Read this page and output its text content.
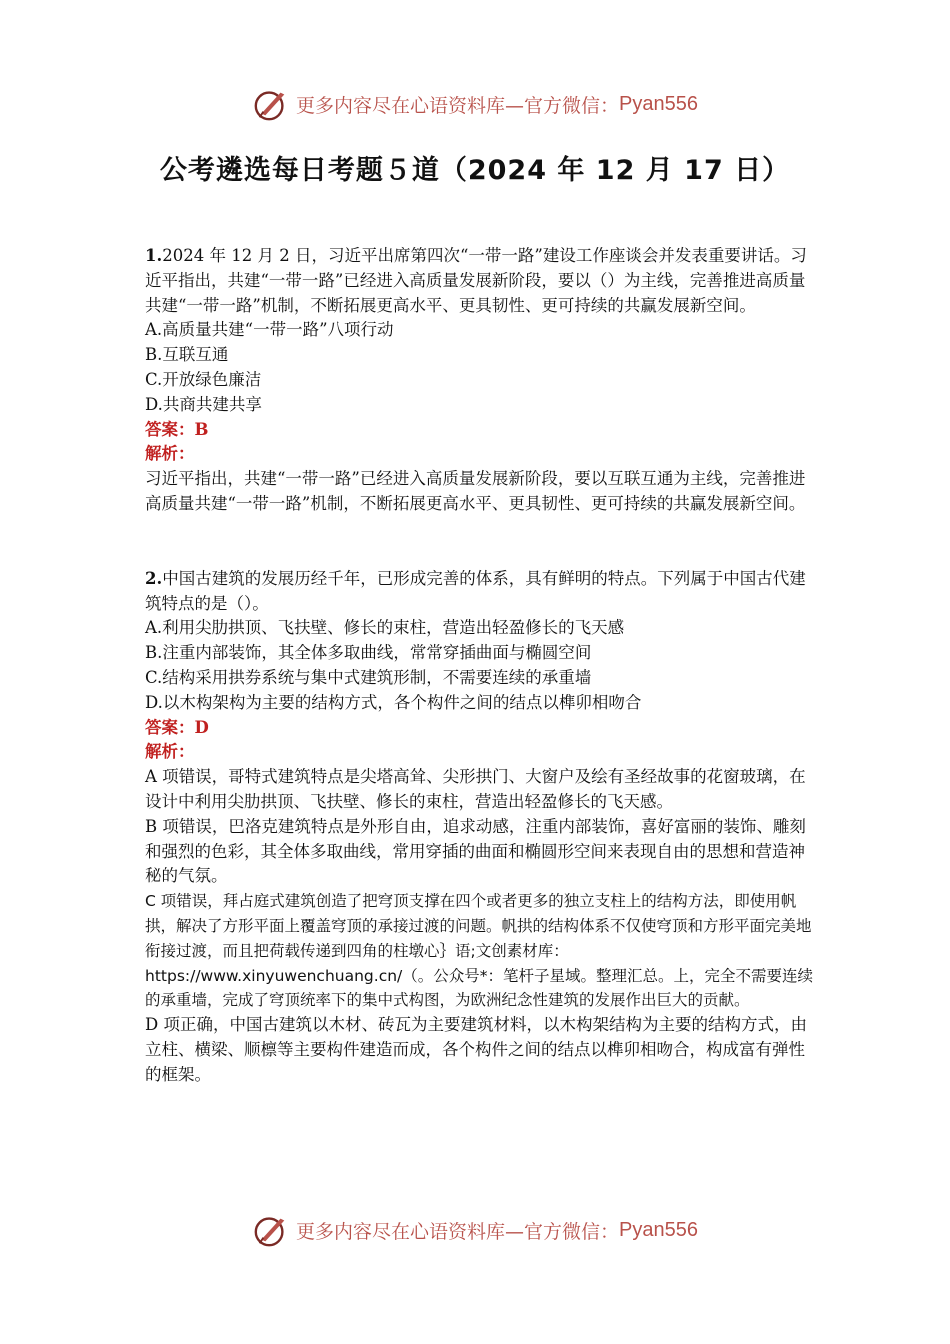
更多内容尽在心语资料库—官方微信： Pyan556
公考遴选每日考题５道（2024 年 12 月 17 日）

1.2024 年 12 月 2 日，习近平出席第四次“一带一路”建设工作座谈会并发表重要讲话。习近平指出，共建“一带一路”已经进入高质量发展新阶段，要以（）为主线，完善推进高质量共建“一带一路”机制，不断拓展更高水平、更具韧性、更可持续的共赢发展新空间。

A.高质量共建“一带一路”八项行动

B.互联互通

C.开放绿色廉洁

D.共商共建共享

答案：B

解析：

习近平指出，共建“一带一路”已经进入高质量发展新阶段，要以互联互通为主线，完善推进高质量共建“一带一路”机制，不断拓展更高水平、更具韧性、更可持续的共赢发展新空间。

2.中国古建筑的发展历经千年，已形成完善的体系，具有鲜明的特点。下列属于中国古代建筑特点的是（）。

A.利用尖肋拱顶、飞扶壁、修长的束柱，营造出轻盈修长的飞天感

B.注重内部装饰，其全体多取曲线，常常穿插曲面与椭圆空间

C.结构采用拱券系统与集中式建筑形制，不需要连续的承重墙

D.以木构架构为主要的结构方式，各个构件之间的结点以榫卯相吻合

答案：D

解析：

A 项错误，哥特式建筑特点是尖塔高耸、尖形拱门、大窗户及绘有圣经故事的花窗玻璃，在设计中利用尖肋拱顶、飞扶壁、修长的束柱，营造出轻盈修长的飞天感。

B 项错误，巴洛克建筑特点是外形自由，追求动感，注重内部装饰，喜好富丽的装饰、雕刻和强烈的色彩，其全体多取曲线，常用穿插的曲面和椭圆形空间来表现自由的思想和营造神秘的气氛。

C 项错误，拜占庭式建筑创造了把穹顶支撑在四个或者更多的独立支柱上的结构方法，即使用帆拱，解决了方形平面上覆盖穹顶的承接过渡的问题。帆拱的结构体系不仅使穹顶和方形平面完美地衔接过渡，而且把荷载传递到四角的柱墩心｝语;文创素材库：https://www.xinyuwenchuang.cn/（。公众号*：笔杆子星域。整理汇总。上，完全不需要连续的承重墙，完成了穹顶统率下的集中式构图，为欧洲纪念性建筑的发展作出巨大的贡献。

D 项正确，中国古建筑以木材、砖瓦为主要建筑材料，以木构架结构为主要的结构方式，由立柱、横梁、顺檩等主要构件建造而成，各个构件之间的结点以榫卯相吻合，构成富有弹性的框架。

更多内容尽在心语资料库—官方微信： Pyan556
